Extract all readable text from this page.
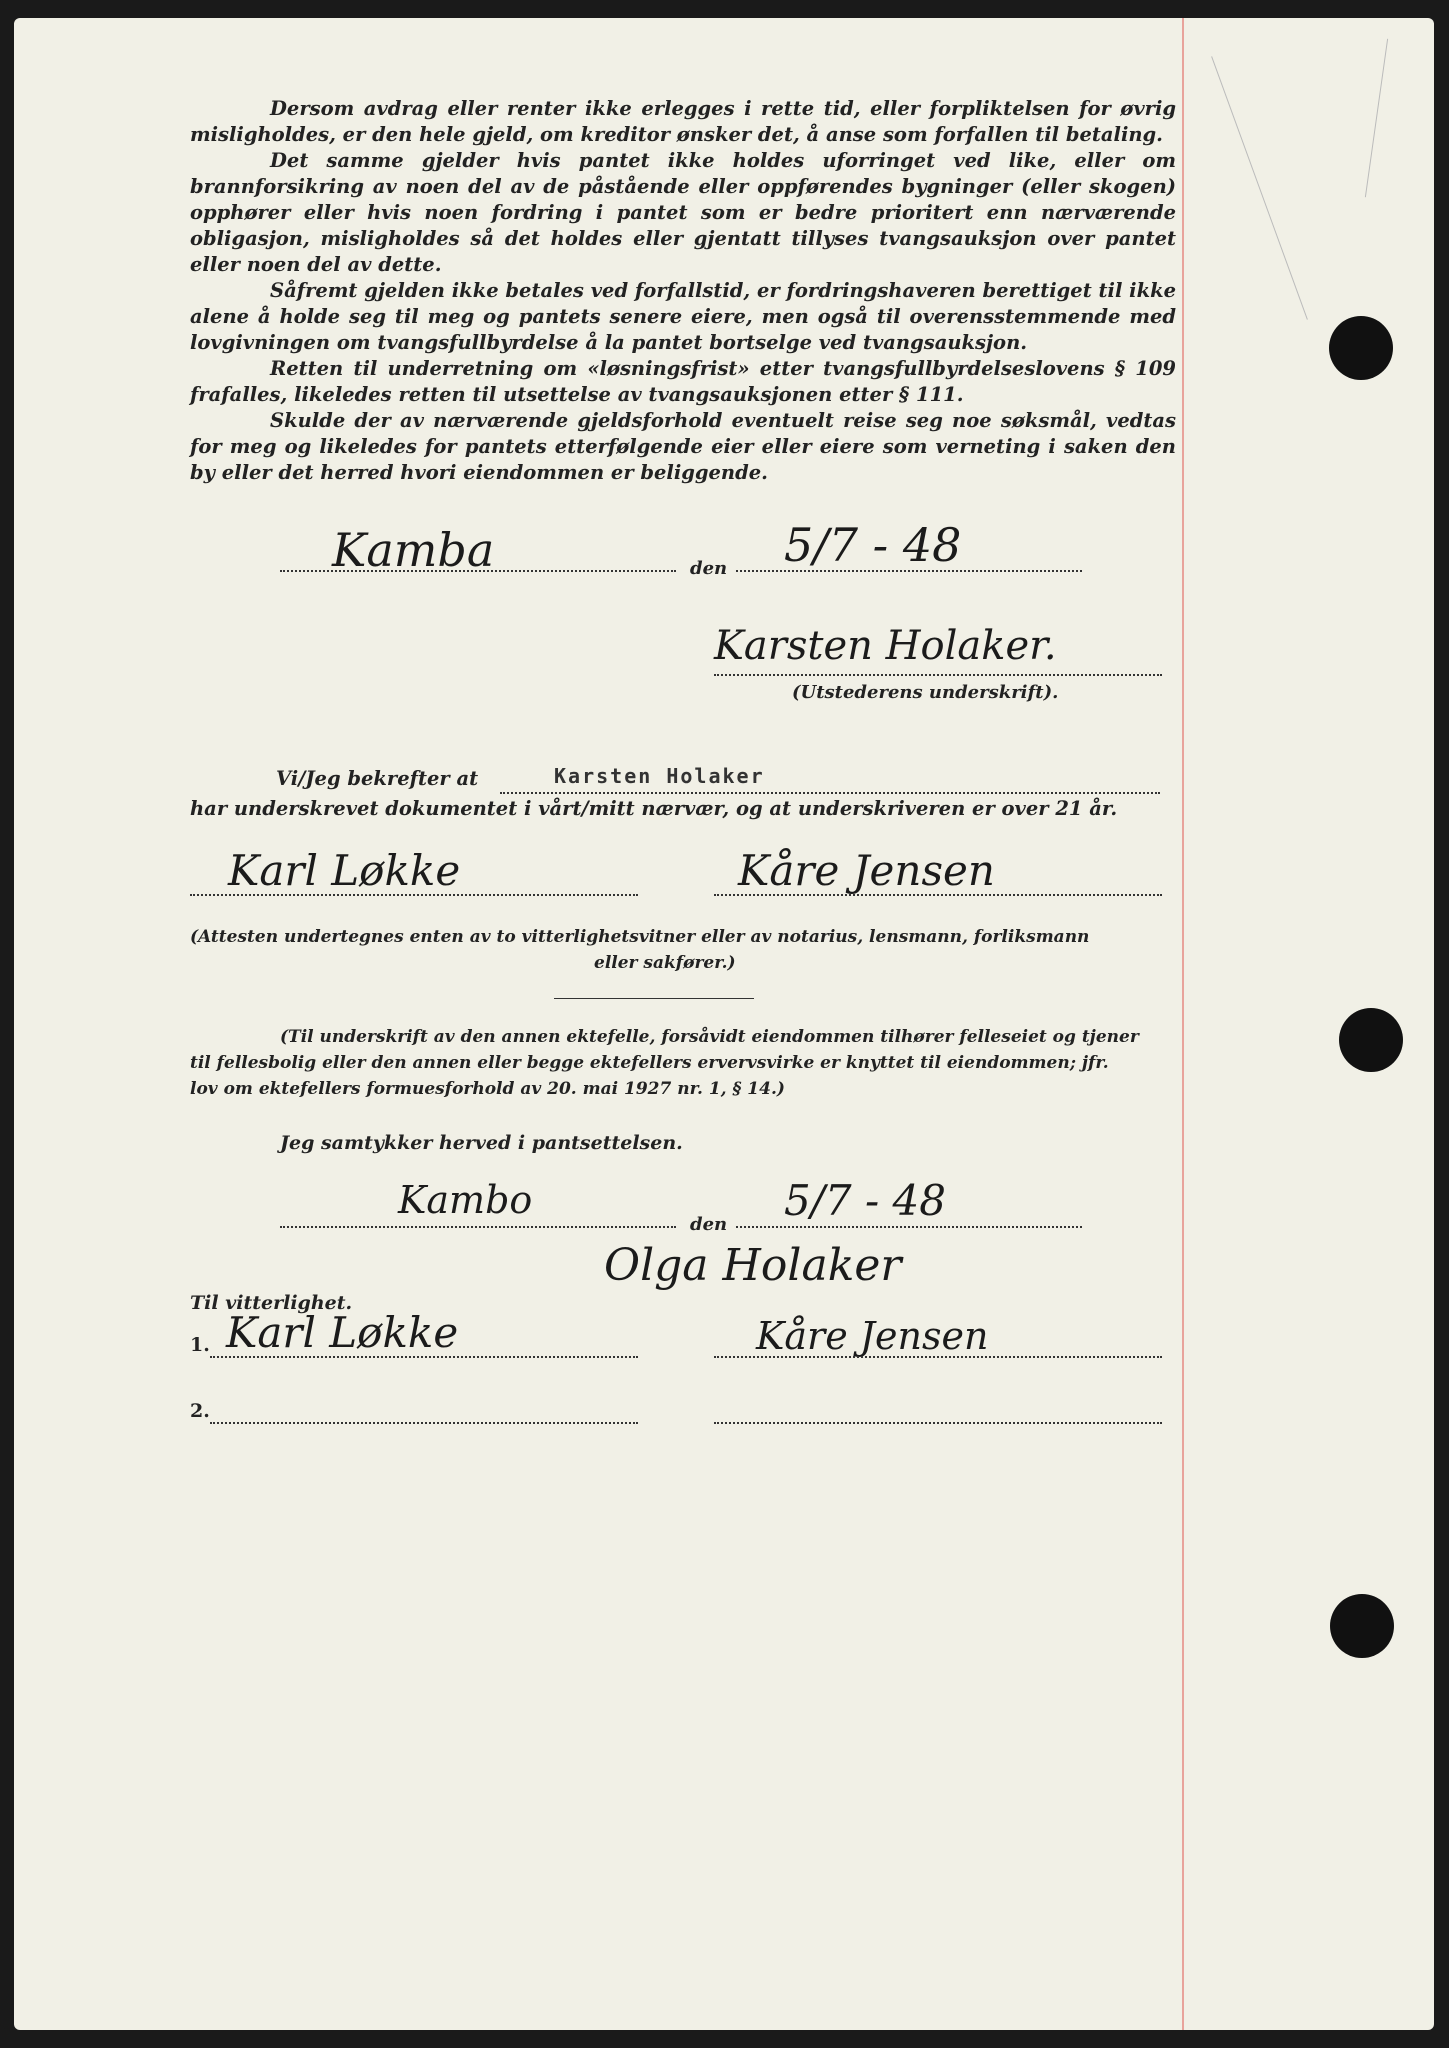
Dersom avdrag eller renter ikke erlegges i rette tid, eller forpliktelsen for øvrig misligholdes, er den hele gjeld, om kreditor ønsker det, å anse som forfallen til betaling.

Det samme gjelder hvis pantet ikke holdes uforringet ved like, eller om brannforsikring av noen del av de påstående eller oppførendes bygninger (eller skogen) opphører eller hvis noen fordring i pantet som er bedre prioritert enn nærværende obligasjon, misligholdes så det holdes eller gjentatt tillyses tvangsauksjon over pantet eller noen del av dette.

Såfremt gjelden ikke betales ved forfallstid, er fordringshaveren berettiget til ikke alene å holde seg til meg og pantets senere eiere, men også til overensstemmende med lovgivningen om tvangsfullbyrdelse å la pantet bortselge ved tvangsauksjon.

Retten til underretning om «løsningsfrist» etter tvangsfullbyrdelseslovens § 109 frafalles, likeledes retten til utsettelse av tvangsauksjonen etter § 111.

Skulde der av nærværende gjeldsforhold eventuelt reise seg noe søksmål, vedtas for meg og likeledes for pantets etterfølgende eier eller eiere som verneting i saken den by eller det herred hvori eiendommen er beliggende.

Kamba	den 5/7 - 48
Karsten Holaker.
(Utstederens underskrift).
Vi/Jeg bekrefter at	Karsten Holaker
har underskrevet dokumentet i vårt/mitt nærvær, og at underskriveren er over 21 år.
Karl Løkke	Kåre Jensen
(Attesten undertegnes enten av to vitterlighetsvitner eller av notarius, lensmann, forliksmann
eller sakfører.)
(Til underskrift av den annen ektefelle, forsåvidt eiendommen tilhører felleseiet og tjener
til fellesbolig eller den annen eller begge ektefellers ervervsvirke er knyttet til eiendommen; jfr.
lov om ektefellers formuesforhold av 20. mai 1927 nr. 1, § 14.)
Jeg samtykker herved i pantsettelsen.
Kambo
den 5/7 - 48
Olga Holaker
Til vitterlighet.
1. Karl Løkke	Kåre Jensen
2.
